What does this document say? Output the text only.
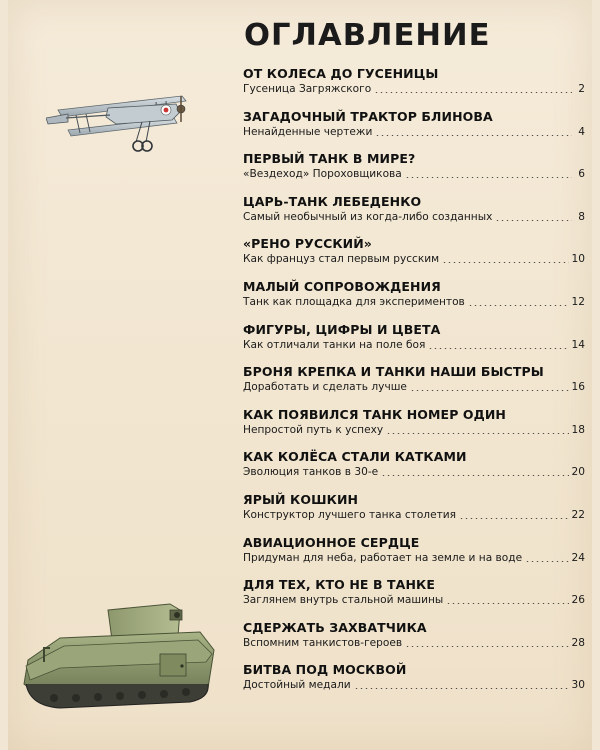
ОГЛАВЛЕНИЕ
ОТ КОЛЕСА ДО ГУСЕНИЦЫ
Гусеница Загряжского	2
ЗАГАДОЧНЫЙ ТРАКТОР БЛИНОВА
Ненайденные чертежи	4
ПЕРВЫЙ ТАНК В МИРЕ?
«Вездеход» Пороховщикова	6
ЦАРЬ-ТАНК ЛЕБЕДЕНКО
Самый необычный из когда-либо созданных	8
«РЕНО РУССКИЙ»
Как француз стал первым русским	10
МАЛЫЙ СОПРОВОЖДЕНИЯ
Танк как площадка для экспериментов	12
ФИГУРЫ, ЦИФРЫ И ЦВЕТА
Как отличали танки на поле боя	14
БРОНЯ КРЕПКА И ТАНКИ НАШИ БЫСТРЫ
Доработать и сделать лучше	16
КАК ПОЯВИЛСЯ ТАНК НОМЕР ОДИН
Непростой путь к успеху	18
КАК КОЛЁСА СТАЛИ КАТКАМИ
Эволюция танков в 30-е	20
ЯРЫЙ КОШКИН
Конструктор лучшего танка столетия	22
АВИАЦИОННОЕ СЕРДЦЕ
Придуман для неба, работает на земле и на воде	24
ДЛЯ ТЕХ, КТО НЕ В ТАНКЕ
Заглянем внутрь стальной машины	26
СДЕРЖАТЬ ЗАХВАТЧИКА
Вспомним танкистов-героев	28
БИТВА ПОД МОСКВОЙ
Достойный медали	30
